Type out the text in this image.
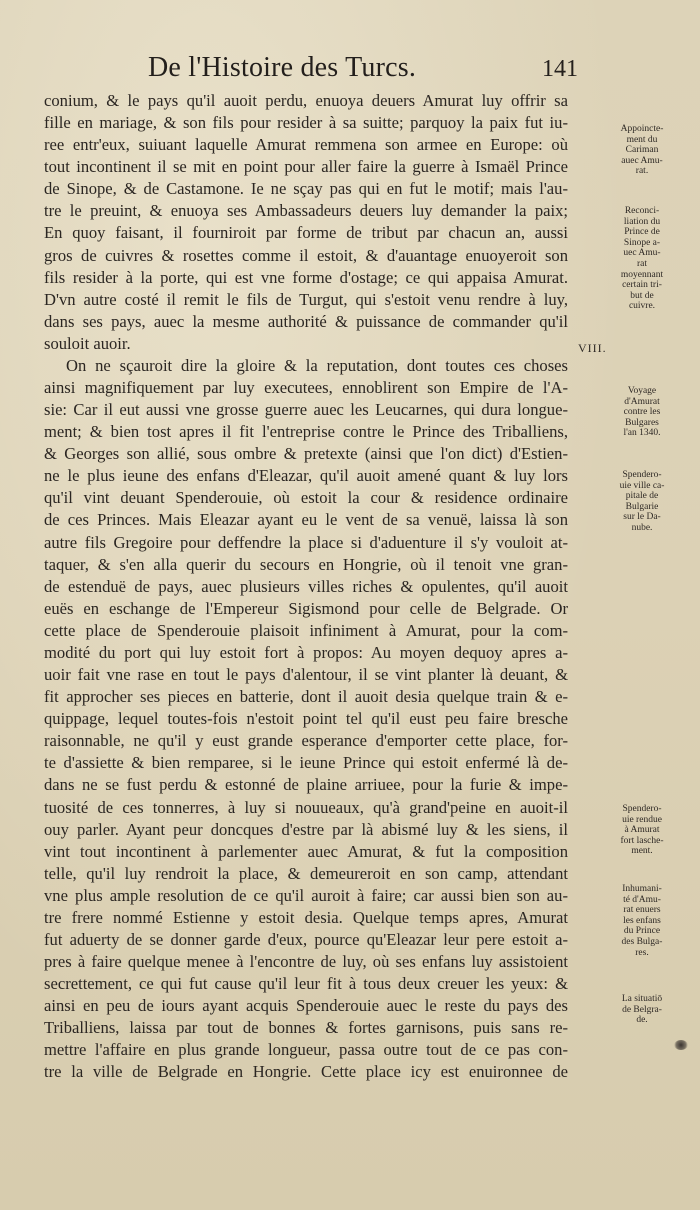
De l'Histoire des Turcs.	141
conium, & le pays qu'il auoit perdu, enuoya deuers Amurat luy offrir sa
fille en mariage, & son fils pour resider à sa suitte; parquoy la paix fut iu-
ree entr'eux, suiuant laquelle Amurat remmena son armee en Europe: où
tout incontinent il se mit en point pour aller faire la guerre à Ismaël Prince
de Sinope, & de Castamone. Ie ne sçay pas qui en fut le motif; mais l'au-
tre le preuint, & enuoya ses Ambassadeurs deuers luy demander la paix;
En quoy faisant, il fourniroit par forme de tribut par chacun an, aussi
gros de cuivres & rosettes comme il estoit, & d'auantage enuoyeroit son
fils resider à la porte, qui est vne forme d'ostage; ce qui appaisa Amurat.
D'vn autre costé il remit le fils de Turgut, qui s'estoit venu rendre à luy,
dans ses pays, auec la mesme authorité & puissance de commander qu'il
souloit auoir.
On ne sçauroit dire la gloire & la reputation, dont toutes ces choses
ainsi magnifiquement par luy executees, ennoblirent son Empire de l'A-
sie: Car il eut aussi vne grosse guerre auec les Leucarnes, qui dura longue-
ment; & bien tost apres il fit l'entreprise contre le Prince des Triballiens,
& Georges son allié, sous ombre & pretexte (ainsi que l'on dict) d'Estien-
ne le plus ieune des enfans d'Eleazar, qu'il auoit amené quant & luy lors
qu'il vint deuant Spenderouie, où estoit la cour & residence ordinaire
de ces Princes. Mais Eleazar ayant eu le vent de sa venuë, laissa là son
autre fils Gregoire pour deffendre la place si d'aduenture il s'y vouloit at-
taquer, & s'en alla querir du secours en Hongrie, où il tenoit vne gran-
de estenduë de pays, auec plusieurs villes riches & opulentes, qu'il auoit
euës en eschange de l'Empereur Sigismond pour celle de Belgrade. Or
cette place de Spenderouie plaisoit infiniment à Amurat, pour la com-
modité du port qui luy estoit fort à propos: Au moyen dequoy apres a-
uoir fait vne rase en tout le pays d'alentour, il se vint planter là deuant, &
fit approcher ses pieces en batterie, dont il auoit desia quelque train & e-
quippage, lequel toutes-fois n'estoit point tel qu'il eust peu faire bresche
raisonnable, ne qu'il y eust grande esperance d'emporter cette place, for-
te d'assiette & bien remparee, si le ieune Prince qui estoit enfermé là de-
dans ne se fust perdu & estonné de plaine arriuee, pour la furie & impe-
tuosité de ces tonnerres, à luy si nouueaux, qu'à grand'peine en auoit-il
ouy parler. Ayant peur doncques d'estre par là abismé luy & les siens, il
vint tout incontinent à parlementer auec Amurat, & fut la composition
telle, qu'il luy rendroit la place, & demeureroit en son camp, attendant
vne plus ample resolution de ce qu'il auroit à faire; car aussi bien son au-
tre frere nommé Estienne y estoit desia. Quelque temps apres, Amurat
fut aduerty de se donner garde d'eux, pource qu'Eleazar leur pere estoit a-
pres à faire quelque menee à l'encontre de luy, où ses enfans luy assistoient
secrettement, ce qui fut cause qu'il leur fit à tous deux creuer les yeux: &
ainsi en peu de iours ayant acquis Spenderouie auec le reste du pays des
Triballiens, laissa par tout de bonnes & fortes garnisons, puis sans re-
mettre l'affaire en plus grande longueur, passa outre tout de ce pas con-
tre la ville de Belgrade en Hongrie. Cette place icy est enuironnee de
Appoincte-
ment du
Cariman
auec Amu-
rat.
Reconci-
liation du
Prince de
Sinope a-
uec Amu-
rat
moyennant
certain tri-
but de
cuivre.
Voyage
d'Amurat
contre les
Bulgares
l'an 1340.
Spendero-
uie ville ca-
pitale de
Bulgarie
sur le Da-
nube.
Spendero-
uie rendue
à Amurat
fort lasche-
ment.
Inhumani-
té d'Amu-
rat enuers
les enfans
du Prince
des Bulga-
res.
La situatiō
de Belgra-
de.
VIII.
